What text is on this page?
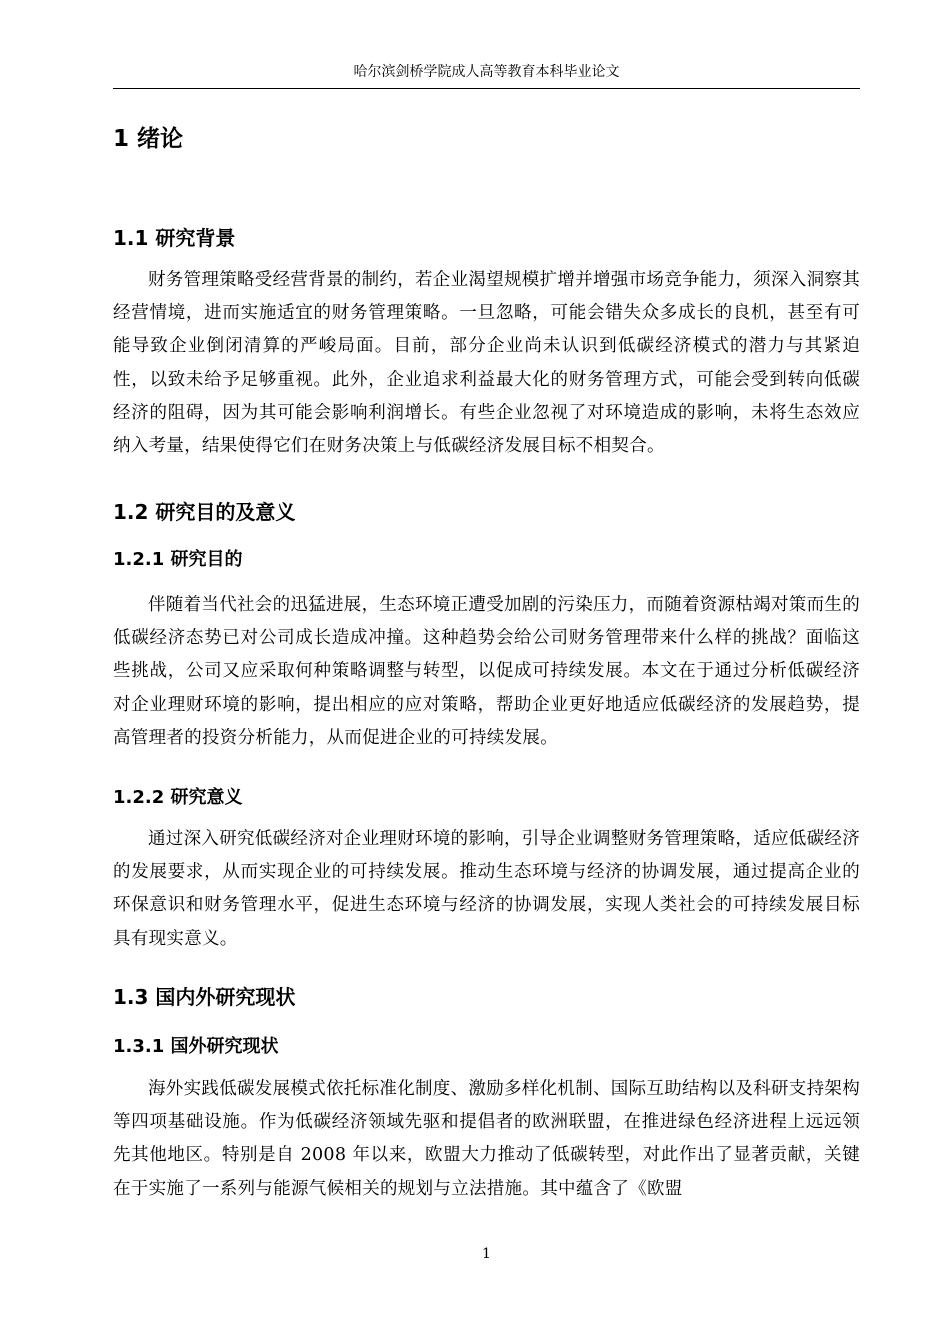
哈尔滨剑桥学院成人高等教育本科毕业论文
1 绪论
1.1 研究背景

财务管理策略受经营背景的制约，若企业渴望规模扩增并增强市场竞争能力，须深入洞察其经营情境，进而实施适宜的财务管理策略。一旦忽略，可能会错失众多成长的良机，甚至有可能导致企业倒闭清算的严峻局面。目前，部分企业尚未认识到低碳经济模式的潜力与其紧迫性，以致未给予足够重视。此外，企业追求利益最大化的财务管理方式，可能会受到转向低碳经济的阻碍，因为其可能会影响利润增长。有些企业忽视了对环境造成的影响，未将生态效应纳入考量，结果使得它们在财务决策上与低碳经济发展目标不相契合。

1.2 研究目的及意义
1.2.1 研究目的

伴随着当代社会的迅猛进展，生态环境正遭受加剧的污染压力，而随着资源枯竭对策而生的低碳经济态势已对公司成长造成冲撞。这种趋势会给公司财务管理带来什么样的挑战？面临这些挑战，公司又应采取何种策略调整与转型，以促成可持续发展。本文在于通过分析低碳经济对企业理财环境的影响，提出相应的应对策略，帮助企业更好地适应低碳经济的发展趋势，提高管理者的投资分析能力，从而促进企业的可持续发展。

1.2.2 研究意义

通过深入研究低碳经济对企业理财环境的影响，引导企业调整财务管理策略，适应低碳经济的发展要求，从而实现企业的可持续发展。推动生态环境与经济的协调发展，通过提高企业的环保意识和财务管理水平，促进生态环境与经济的协调发展，实现人类社会的可持续发展目标具有现实意义。

1.3 国内外研究现状
1.3.1 国外研究现状

海外实践低碳发展模式依托标准化制度、激励多样化机制、国际互助结构以及科研支持架构等四项基础设施。作为低碳经济领域先驱和提倡者的欧洲联盟，在推进绿色经济进程上远远领先其他地区。特别是自 2008 年以来，欧盟大力推动了低碳转型，对此作出了显著贡献，关键在于实施了一系列与能源气候相关的规划与立法措施。其中蕴含了《欧盟

1
